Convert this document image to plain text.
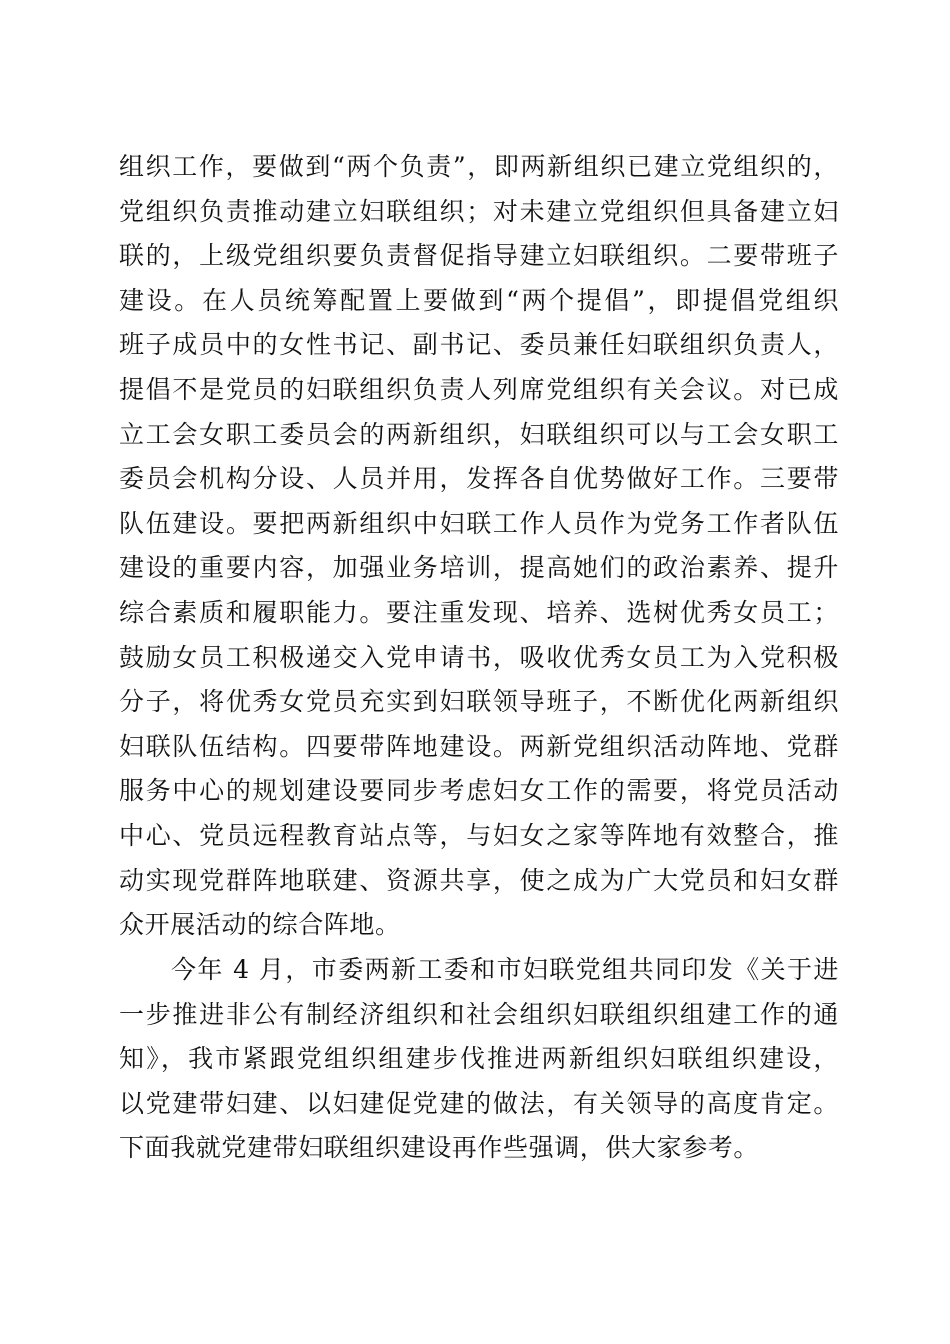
组织工作，要做到“两个负责”，即两新组织已建立党组织的，
党组织负责推动建立妇联组织；对未建立党组织但具备建立妇
联的，上级党组织要负责督促指导建立妇联组织。二要带班子
建设。在人员统筹配置上要做到“两个提倡”，即提倡党组织
班子成员中的女性书记、副书记、委员兼任妇联组织负责人，
提倡不是党员的妇联组织负责人列席党组织有关会议。对已成
立工会女职工委员会的两新组织，妇联组织可以与工会女职工
委员会机构分设、人员并用，发挥各自优势做好工作。三要带
队伍建设。要把两新组织中妇联工作人员作为党务工作者队伍
建设的重要内容，加强业务培训，提高她们的政治素养、提升
综合素质和履职能力。要注重发现、培养、选树优秀女员工；
鼓励女员工积极递交入党申请书，吸收优秀女员工为入党积极
分子，将优秀女党员充实到妇联领导班子，不断优化两新组织
妇联队伍结构。四要带阵地建设。两新党组织活动阵地、党群
服务中心的规划建设要同步考虑妇女工作的需要，将党员活动
中心、党员远程教育站点等，与妇女之家等阵地有效整合，推
动实现党群阵地联建、资源共享，使之成为广大党员和妇女群
众开展活动的综合阵地。
今年 4 月，市委两新工委和市妇联党组共同印发《关于进
一步推进非公有制经济组织和社会组织妇联组织组建工作的通
知》，我市紧跟党组织组建步伐推进两新组织妇联组织建设，
以党建带妇建、以妇建促党建的做法，有关领导的高度肯定。
下面我就党建带妇联组织建设再作些强调，供大家参考。
